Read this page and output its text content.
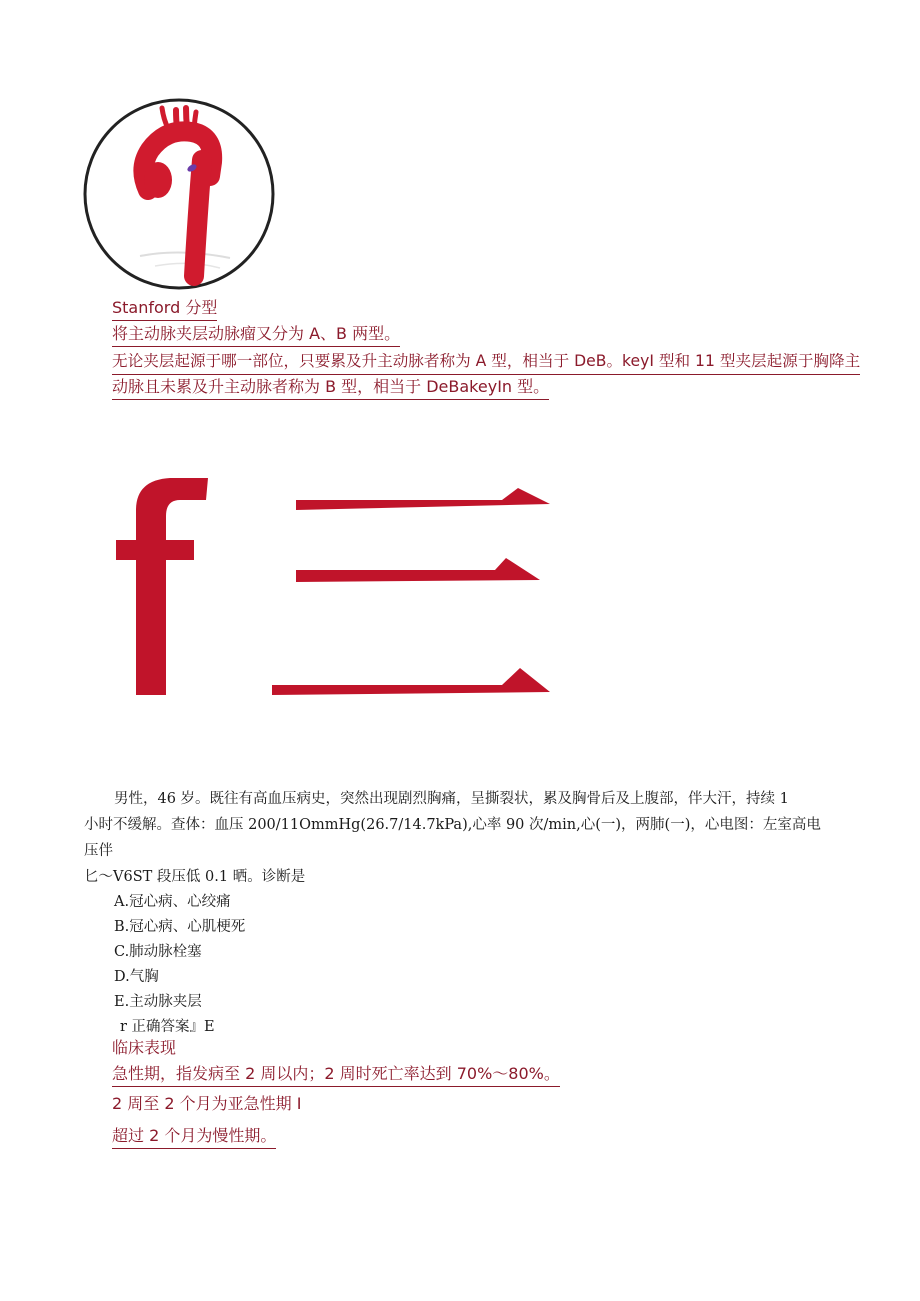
Stanford 分型
将主动脉夹层动脉瘤又分为 A、B 两型。
无论夹层起源于哪一部位，只要累及升主动脉者称为 A 型，相当于 DeB。keyI 型和 11 型夹层起源于胸降主
动脉且未累及升主动脉者称为 B 型，相当于 DeBakeyIn 型。

男性，46 岁。既往有高血压病史，突然出现剧烈胸痛，呈撕裂状，累及胸骨后及上腹部，伴大汗，持续 1

小时不缓解。查体：血压 200/11OmmHg(26.7/14.7kPa),心率 90 次/min,心(一)，两肺(一)，心电图：左室高电压伴

匕～V6ST 段压低 0.1 晒。诊断是

A.冠心病、心绞痛

B.冠心病、心肌梗死

C.肺动脉栓塞

D.气胸

E.主动脉夹层

r 正确答案』E

临床表现
急性期，指发病至 2 周以内；2 周时死亡率达到 70%～80%。
2 周至 2 个月为亚急性期 I
超过 2 个月为慢性期。
